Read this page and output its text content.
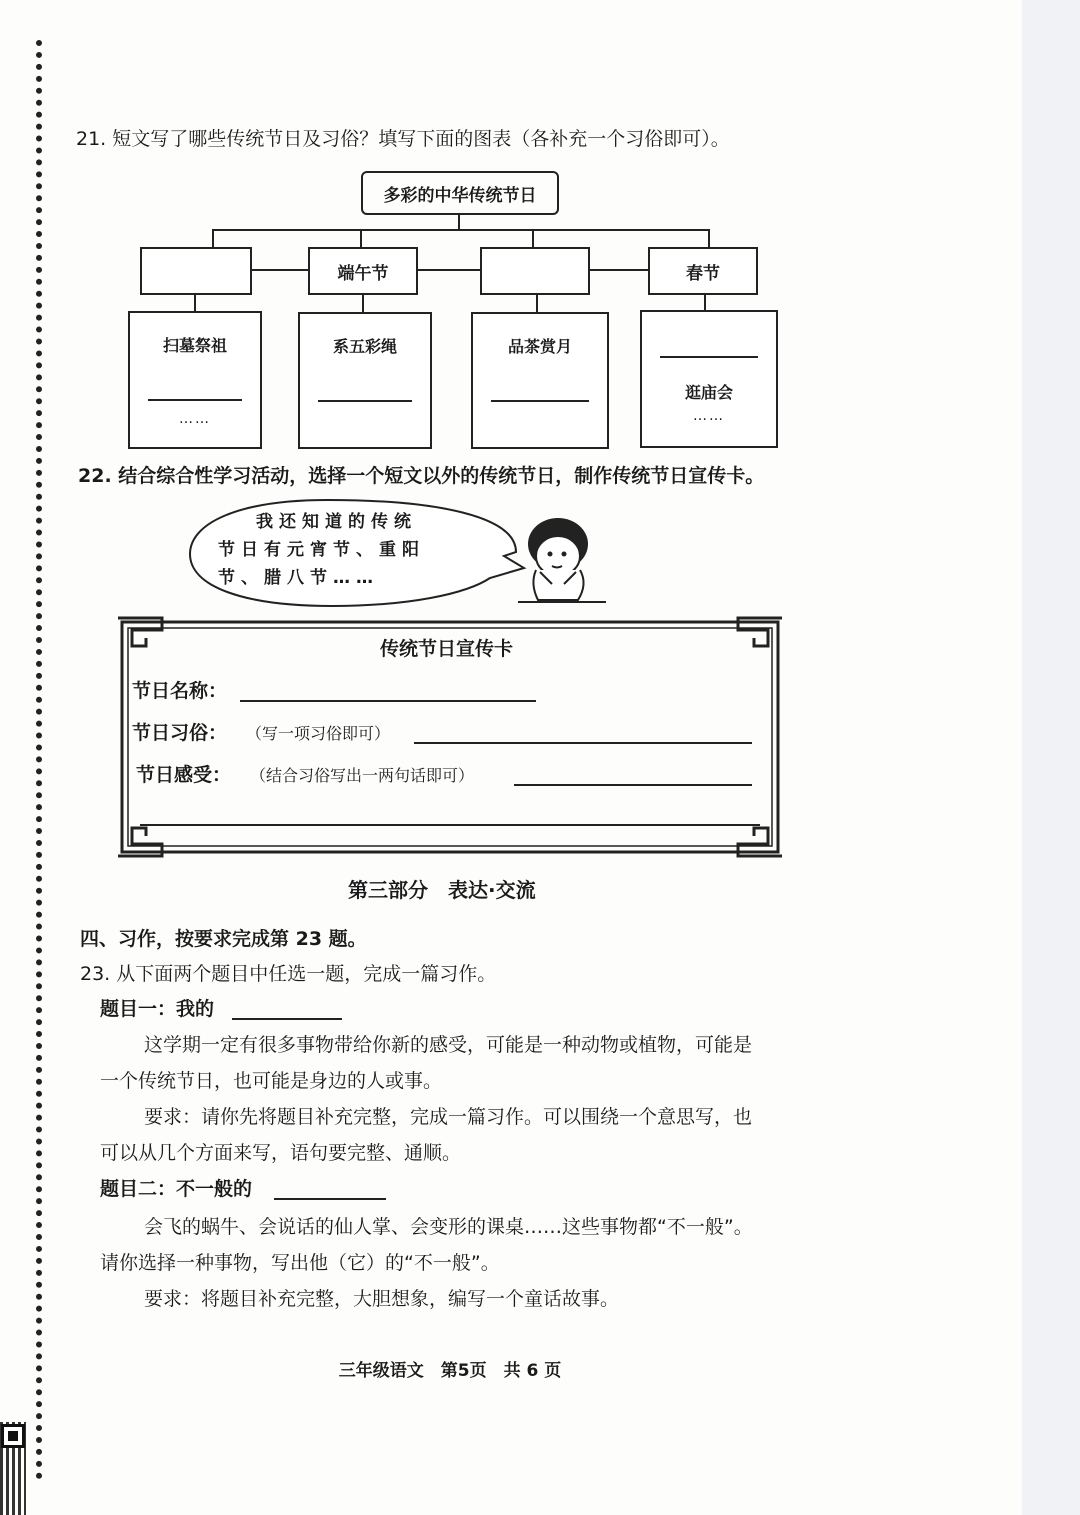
21. 短文写了哪些传统节日及习俗？填写下面的图表（各补充一个习俗即可）。
多彩的中华传统节日
端午节	春节
扫墓祭祖
……
系五彩绳	品茶赏月
逛庙会
……
22. 结合综合性学习活动，选择一个短文以外的传统节日，制作传统节日宣传卡。
我还知道的传统
节日有元宵节、重阳
节、腊八节……
传统节日宣传卡
节日名称：
节日习俗： （写一项习俗即可）
节日感受： （结合习俗写出一两句话即可）
第三部分　表达·交流
四、习作，按要求完成第 23 题。
23. 从下面两个题目中任选一题，完成一篇习作。
题目一：我的
这学期一定有很多事物带给你新的感受，可能是一种动物或植物，可能是
一个传统节日，也可能是身边的人或事。
要求：请你先将题目补充完整，完成一篇习作。可以围绕一个意思写，也
可以从几个方面来写，语句要完整、通顺。
题目二：不一般的
会飞的蜗牛、会说话的仙人掌、会变形的课桌……这些事物都“不一般”。
请你选择一种事物，写出他（它）的“不一般”。
要求：将题目补充完整，大胆想象，编写一个童话故事。
三年级语文　第5页　共 6 页
